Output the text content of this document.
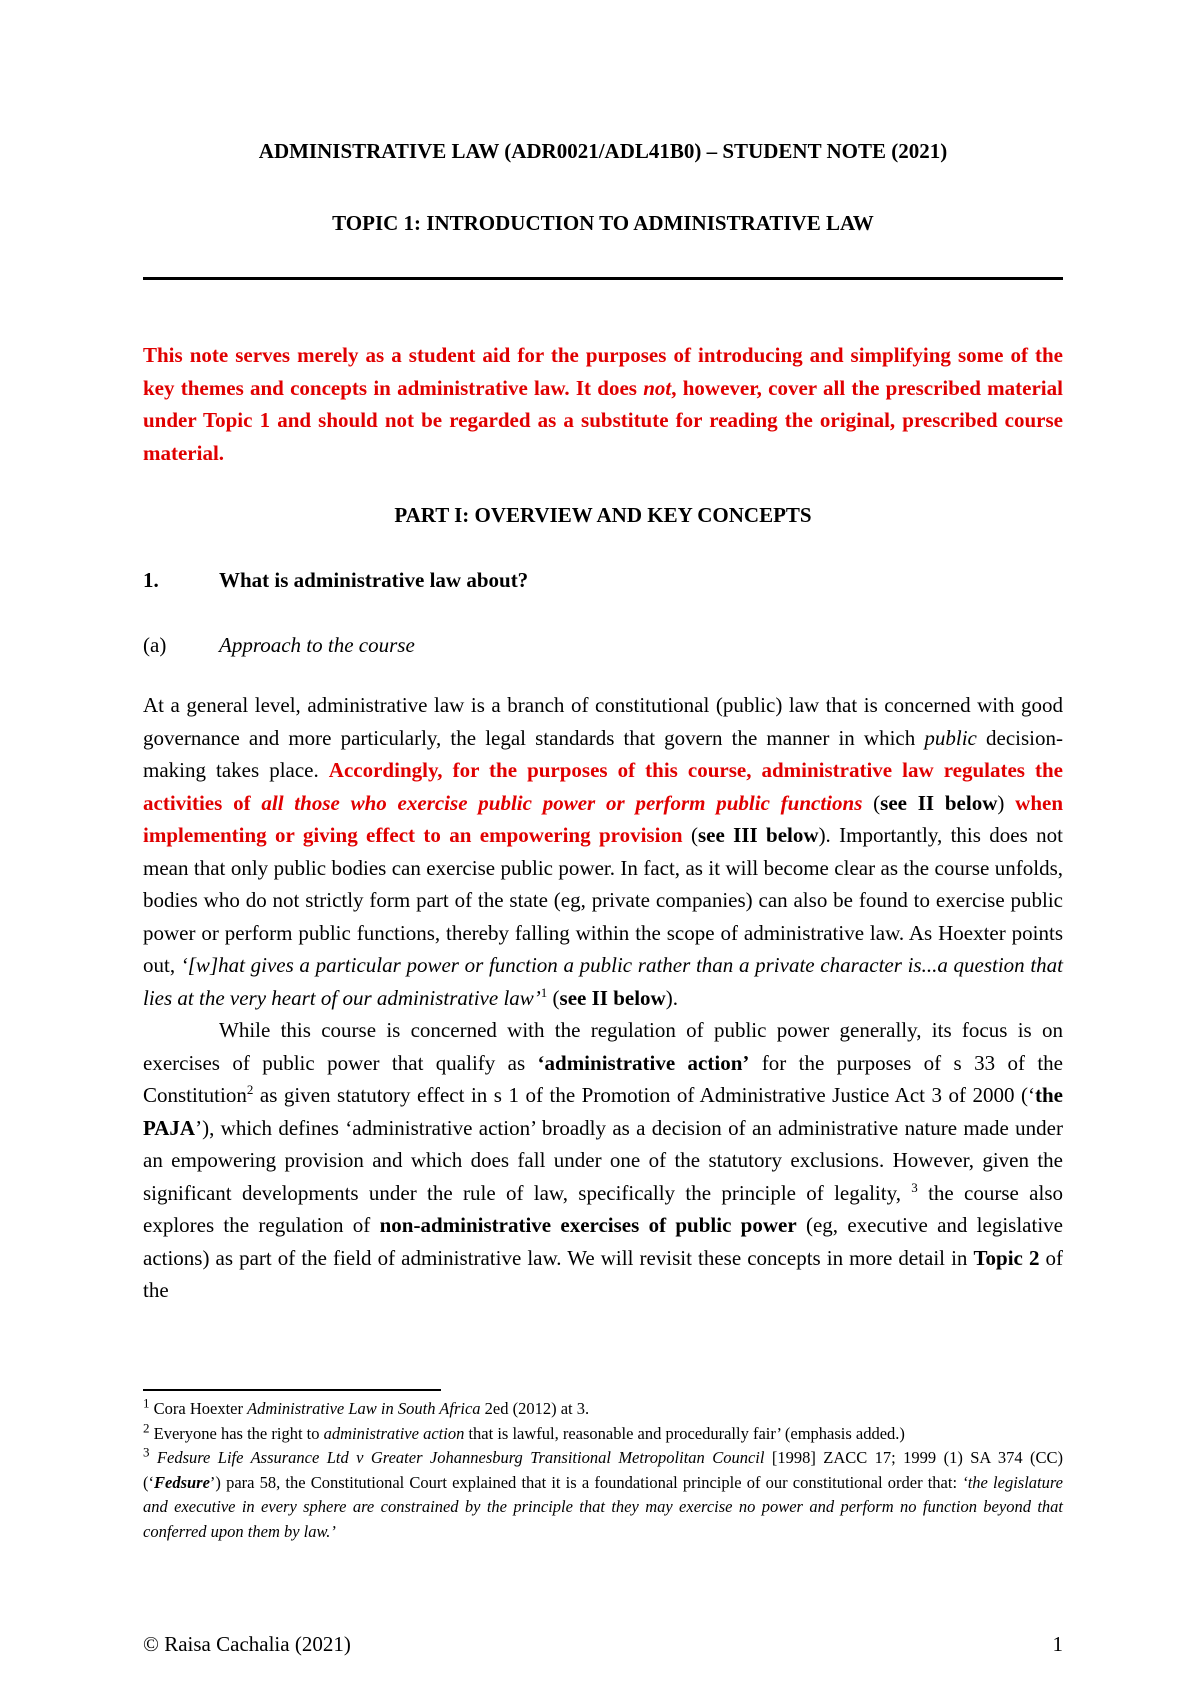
ADMINISTRATIVE LAW (ADR0021/ADL41B0) – STUDENT NOTE (2021)
TOPIC 1: INTRODUCTION TO ADMINISTRATIVE LAW

This note serves merely as a student aid for the purposes of introducing and simplifying some of the key themes and concepts in administrative law. It does not, however, cover all the prescribed material under Topic 1 and should not be regarded as a substitute for reading the original, prescribed course material.

PART I: OVERVIEW AND KEY CONCEPTS
1.	What is administrative law about?
(a)	Approach to the course

At a general level, administrative law is a branch of constitutional (public) law that is concerned with good governance and more particularly, the legal standards that govern the manner in which public decision-making takes place. Accordingly, for the purposes of this course, administrative law regulates the activities of all those who exercise public power or perform public functions (see II below) when implementing or giving effect to an empowering provision (see III below). Importantly, this does not mean that only public bodies can exercise public power. In fact, as it will become clear as the course unfolds, bodies who do not strictly form part of the state (eg, private companies) can also be found to exercise public power or perform public functions, thereby falling within the scope of administrative law. As Hoexter points out, ‘[w]hat gives a particular power or function a public rather than a private character is...a question that lies at the very heart of our administrative law’$^1$ (see II below).

While this course is concerned with the regulation of public power generally, its focus is on exercises of public power that qualify as ‘administrative action’ for the purposes of s 33 of the Constitution$^2$ as given statutory effect in s 1 of the Promotion of Administrative Justice Act 3 of 2000 (‘the PAJA’), which defines ‘administrative action’ broadly as a decision of an administrative nature made under an empowering provision and which does fall under one of the statutory exclusions. However, given the significant developments under the rule of law, specifically the principle of legality, $^3$ the course also explores the regulation of non-administrative exercises of public power (eg, executive and legislative actions) as part of the field of administrative law. We will revisit these concepts in more detail in Topic 2 of the

$^1$ Cora Hoexter Administrative Law in South Africa 2ed (2012) at 3.

$^2$ Everyone has the right to administrative action that is lawful, reasonable and procedurally fair’ (emphasis added.)

$^3$ Fedsure Life Assurance Ltd v Greater Johannesburg Transitional Metropolitan Council [1998] ZACC 17; 1999 (1) SA 374 (CC) (‘Fedsure’) para 58, the Constitutional Court explained that it is a foundational principle of our constitutional order that: ‘the legislature and executive in every sphere are constrained by the principle that they may exercise no power and perform no function beyond that conferred upon them by law.’

© Raisa Cachalia (2021)	1
